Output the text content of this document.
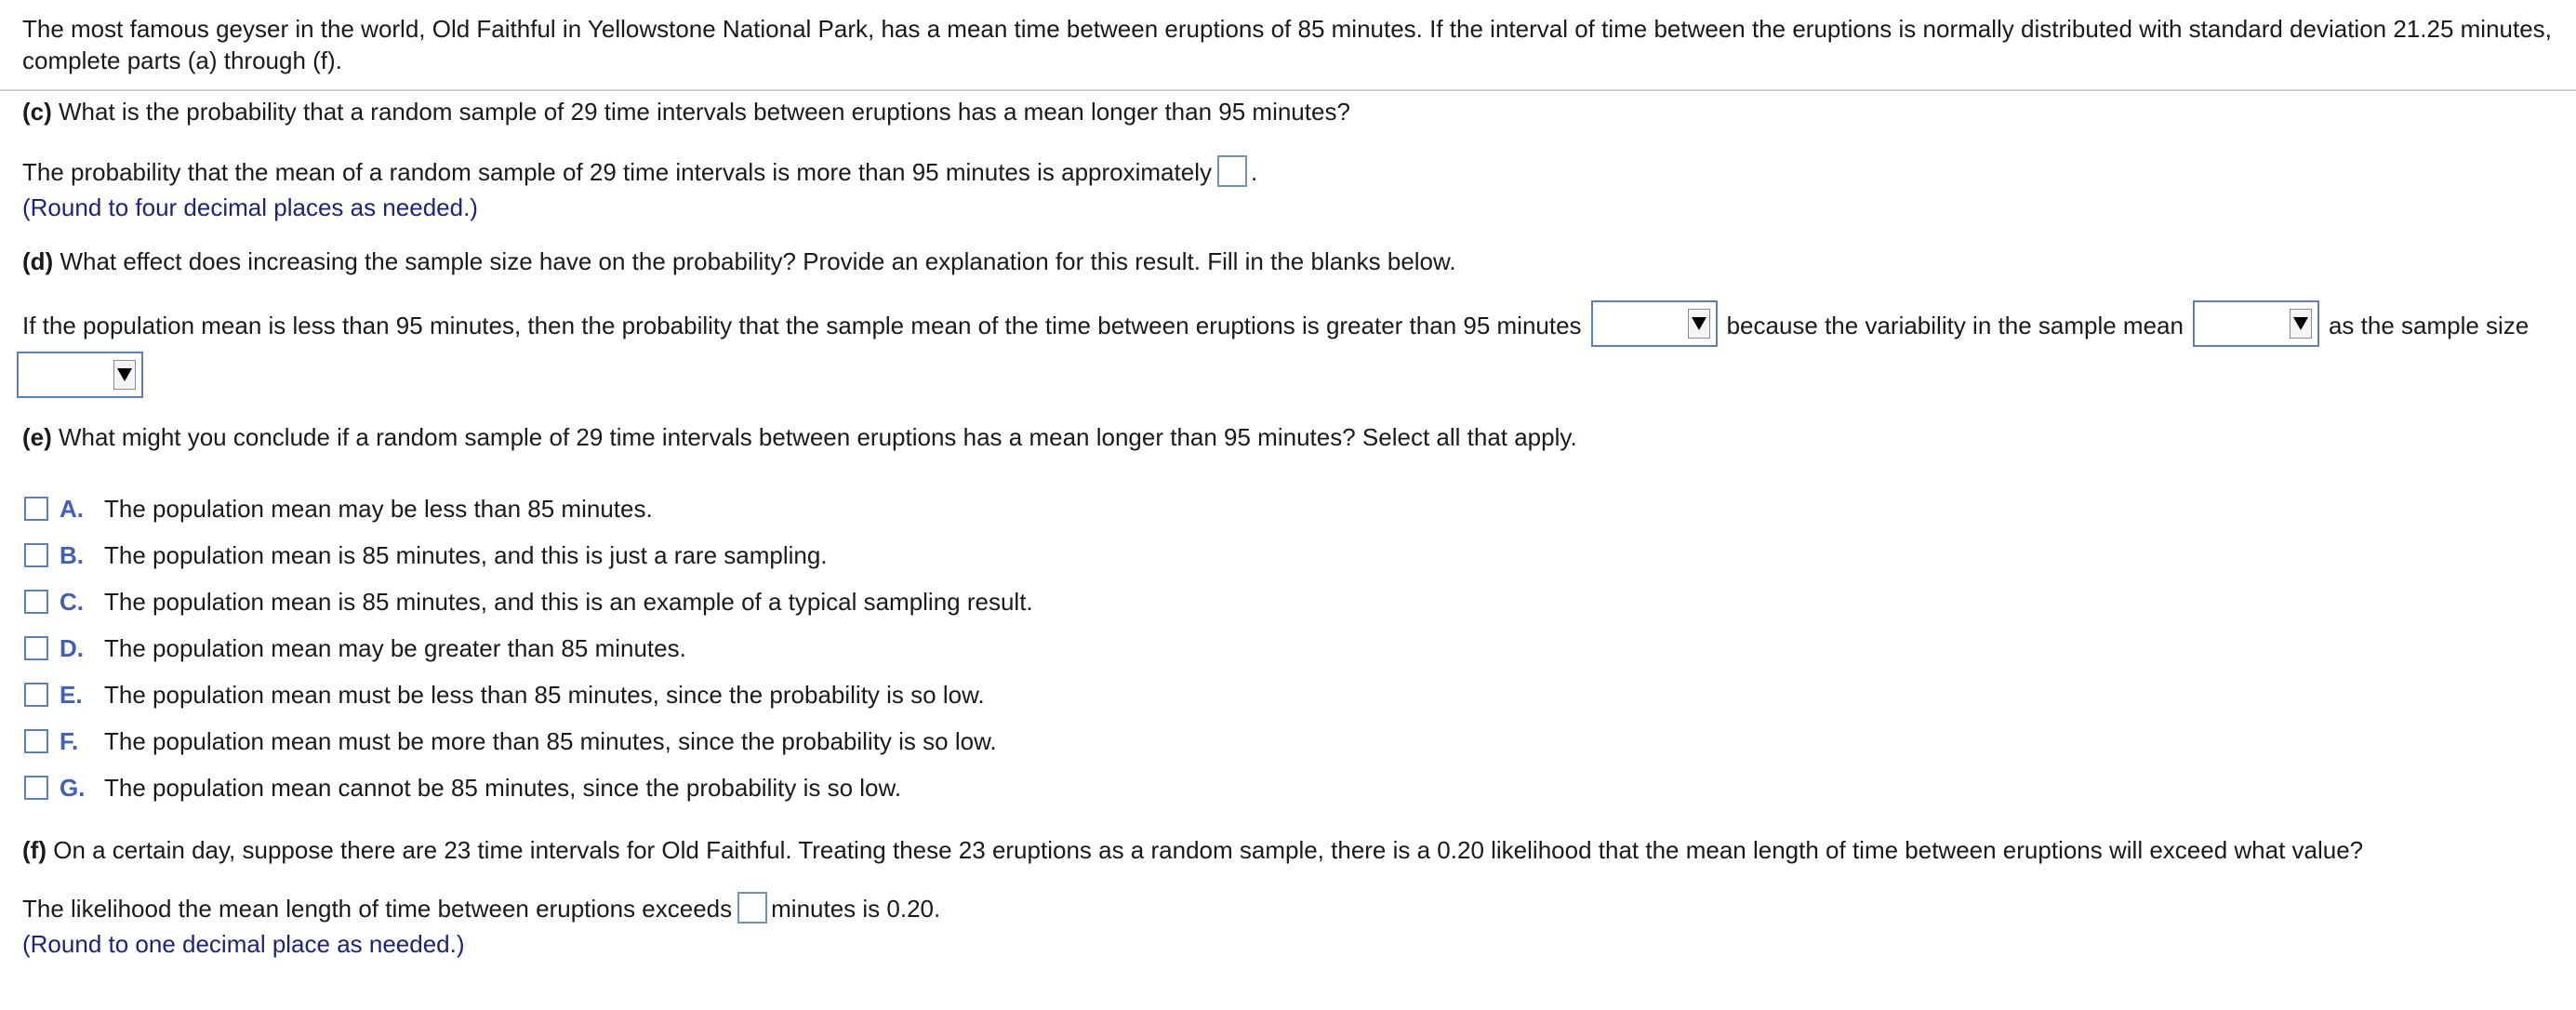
The most famous geyser in the world, Old Faithful in Yellowstone National Park, has a mean time between eruptions of 85 minutes. If the interval of time between the eruptions is normally distributed with standard deviation 21.25 minutes, complete parts (a) through (f).
(c) What is the probability that a random sample of 29 time intervals between eruptions has a mean longer than 95 minutes?
The probability that the mean of a random sample of 29 time intervals is more than 95 minutes is approximately .
(Round to four decimal places as needed.)
(d) What effect does increasing the sample size have on the probability? Provide an explanation for this result. Fill in the blanks below.
If the population mean is less than 95 minutes, then the probability that the sample mean of the time between eruptions is greater than 95 minutes	because the variability in the sample mean	as the sample size
(e) What might you conclude if a random sample of 29 time intervals between eruptions has a mean longer than 95 minutes? Select all that apply.
A. The population mean may be less than 85 minutes.
B. The population mean is 85 minutes, and this is just a rare sampling.
C. The population mean is 85 minutes, and this is an example of a typical sampling result.
D. The population mean may be greater than 85 minutes.
E. The population mean must be less than 85 minutes, since the probability is so low.
F. The population mean must be more than 85 minutes, since the probability is so low.
G. The population mean cannot be 85 minutes, since the probability is so low.
(f) On a certain day, suppose there are 23 time intervals for Old Faithful. Treating these 23 eruptions as a random sample, there is a 0.20 likelihood that the mean length of time between eruptions will exceed what value?
The likelihood the mean length of time between eruptions exceeds minutes is 0.20.
(Round to one decimal place as needed.)
